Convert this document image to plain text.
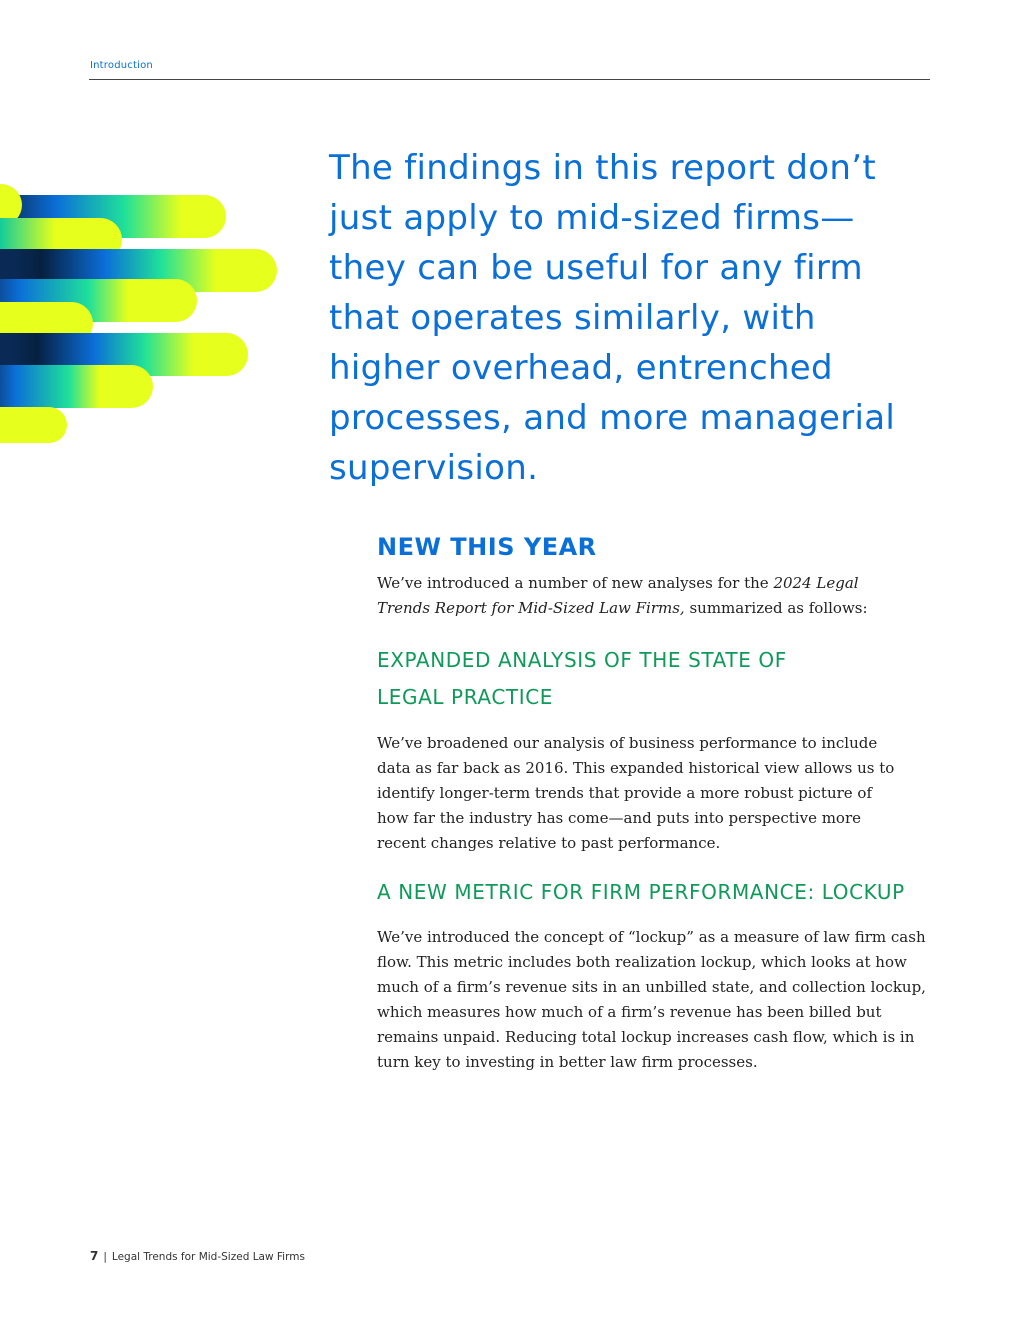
Introduction
The findings in this report don’t just apply to mid-sized firms—they can be useful for any firm that operates similarly, with higher overhead, entrenched processes, and more managerial supervision.
NEW THIS YEAR

We’ve introduced a number of new analyses for the 2024 Legal Trends Report for Mid-Sized Law Firms, summarized as follows:

EXPANDED ANALYSIS OF THE STATE OF LEGAL PRACTICE

We’ve broadened our analysis of business performance to include data as far back as 2016. This expanded historical view allows us to identify longer-term trends that provide a more robust picture of how far the industry has come—and puts into perspective more recent changes relative to past performance.

A NEW METRIC FOR FIRM PERFORMANCE: LOCKUP

We’ve introduced the concept of “lockup” as a measure of law firm cash flow. This metric includes both realization lockup, which looks at how much of a firm’s revenue sits in an unbilled state, and collection lockup, which measures how much of a firm’s revenue has been billed but remains unpaid. Reducing total lockup increases cash flow, which is in turn key to investing in better law firm processes.

7 | Legal Trends for Mid-Sized Law Firms
